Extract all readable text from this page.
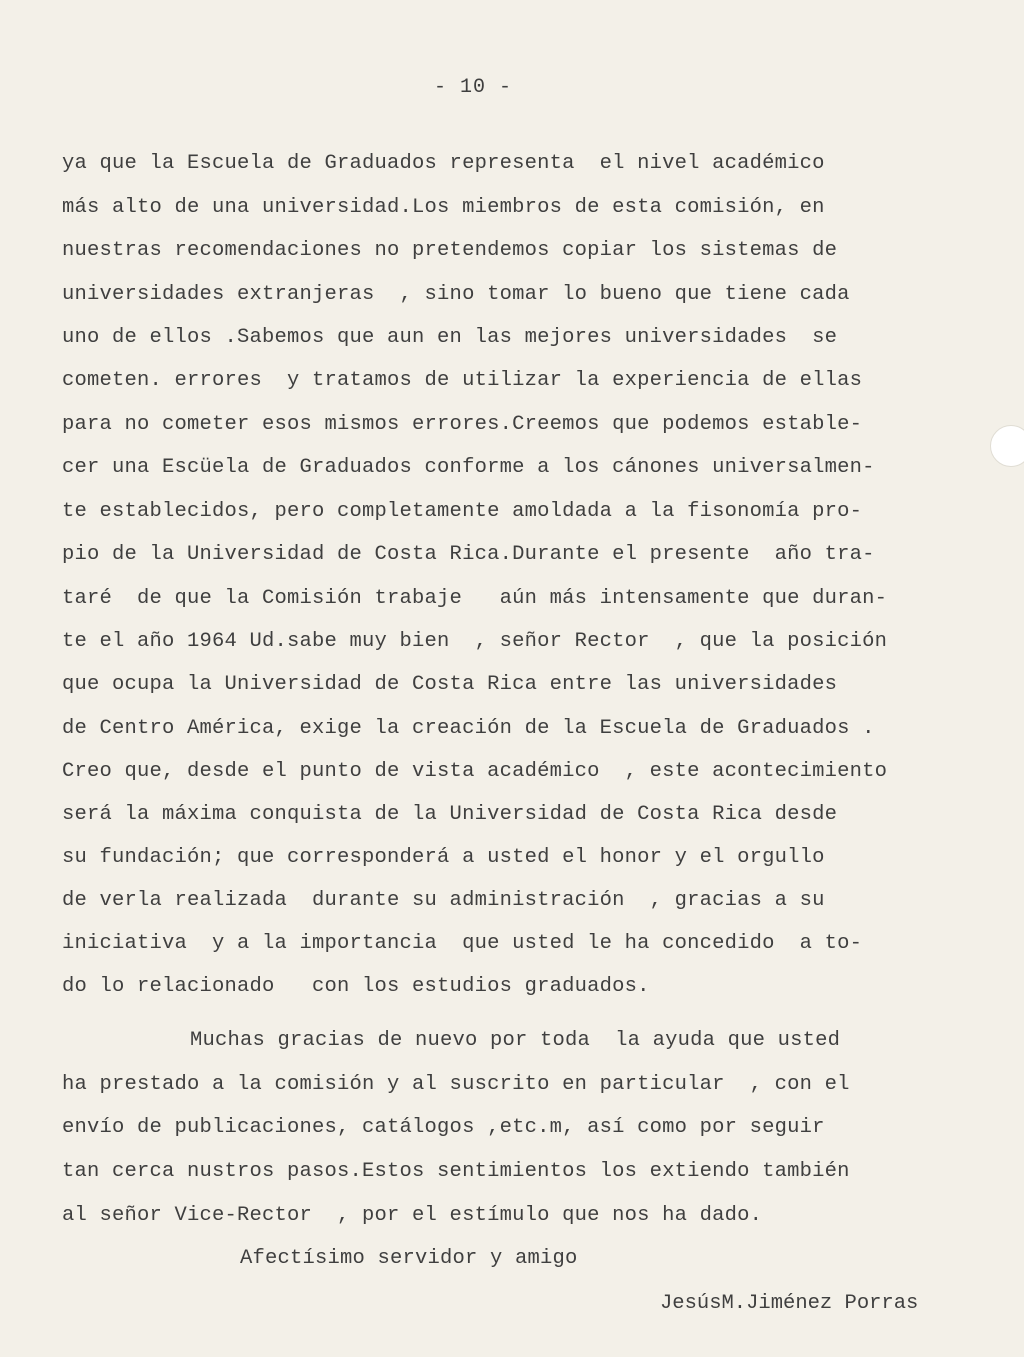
- 10 -
ya que la Escuela de Graduados representa  el nivel académico
más alto de una universidad.Los miembros de esta comisión, en
nuestras recomendaciones no pretendemos copiar los sistemas de
universidades extranjeras  , sino tomar lo bueno que tiene cada
uno de ellos .Sabemos que aun en las mejores universidades  se
cometen. errores  y tratamos de utilizar la experiencia de ellas
para no cometer esos mismos errores.Creemos que podemos estable-
cer una Escüela de Graduados conforme a los cánones universalmen-
te establecidos, pero completamente amoldada a la fisonomía pro-
pio de la Universidad de Costa Rica.Durante el presente  año tra-
taré  de que la Comisión trabaje   aún más intensamente que duran-
te el año 1964 Ud.sabe muy bien  , señor Rector  , que la posición
que ocupa la Universidad de Costa Rica entre las universidades
de Centro América, exige la creación de la Escuela de Graduados .
Creo que, desde el punto de vista académico  , este acontecimiento
será la máxima conquista de la Universidad de Costa Rica desde
su fundación; que corresponderá a usted el honor y el orgullo
de verla realizada  durante su administración  , gracias a su
iniciativa  y a la importancia  que usted le ha concedido  a to-
do lo relacionado   con los estudios graduados.
Muchas gracias de nuevo por toda  la ayuda que usted
ha prestado a la comisión y al suscrito en particular  , con el
envío de publicaciones, catálogos ,etc.m, así como por seguir
tan cerca nustros pasos.Estos sentimientos los extiendo también
al señor Vice-Rector  , por el estímulo que nos ha dado.
Afectísimo servidor y amigo
JesúsM.Jiménez Porras
